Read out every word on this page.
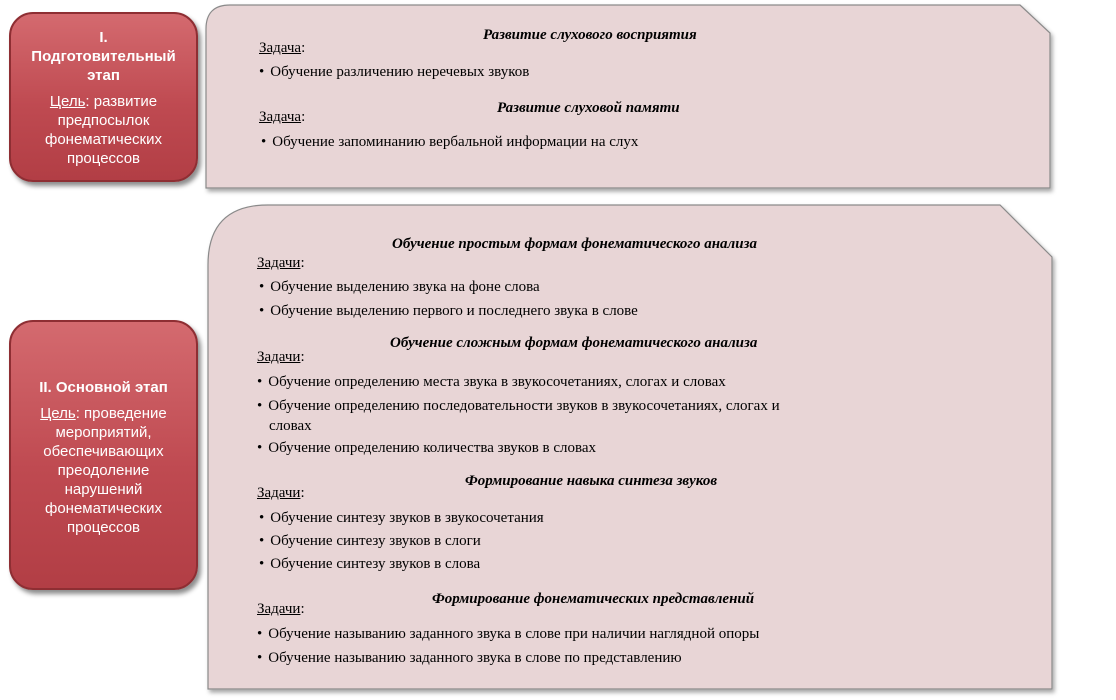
I.
Подготовительный
этап
Цель: развитие
предпосылок
фонематических
процессов
II. Основной этап
Цель: проведение
мероприятий,
обеспечивающих
преодоление
нарушений
фонематических
процессов
Развитие слухового восприятия
Задача:
• Обучение различению неречевых звуков
Развитие слуховой памяти
Задача:
• Обучение запоминанию вербальной информации на слух
Обучение простым формам фонематического анализа
Задачи:
• Обучение выделению звука на фоне слова
• Обучение выделению первого и последнего звука в слове
Обучение сложным формам фонематического анализа
Задачи:
• Обучение определению места звука в звукосочетаниях, слогах и словах
• Обучение определению последовательности звуков в звукосочетаниях, слогах и
словах
• Обучение определению количества звуков в словах
Формирование навыка синтеза звуков
Задачи:
• Обучение синтезу звуков в звукосочетания
• Обучение синтезу звуков в слоги
• Обучение синтезу звуков в слова
Формирование фонематических представлений
Задачи:
• Обучение называнию заданного звука в слове при наличии наглядной опоры
• Обучение называнию заданного звука в слове по представлению
